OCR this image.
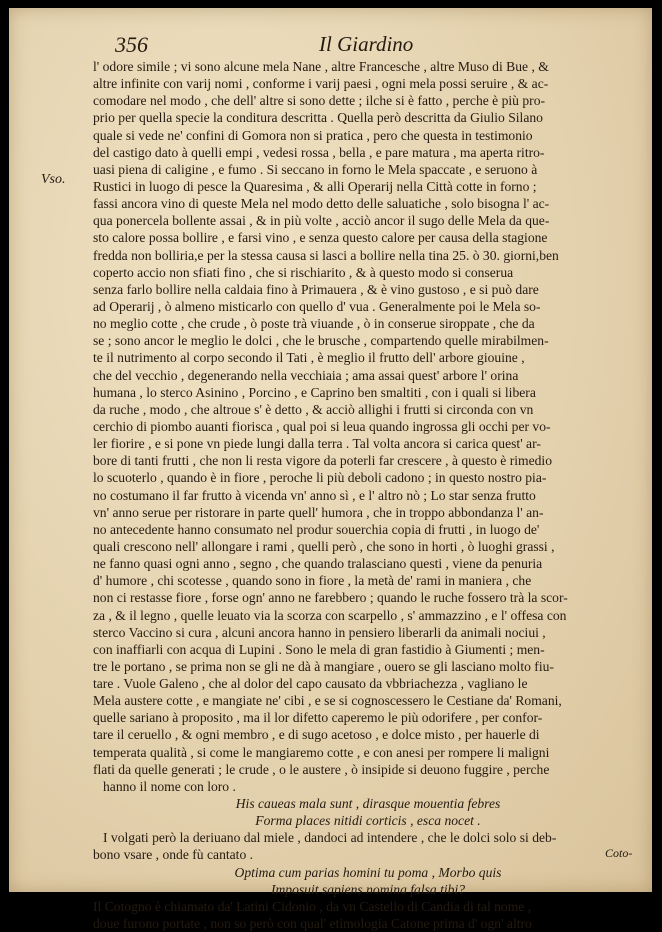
356	Il Giardino
Vso.
l' odore simile ; vi sono alcune mela Nane , altre Francesche , altre Muso di Bue , &
altre infinite con varij nomi , conforme i varij paesi , ogni mela possi seruire , & ac-
comodare nel modo , che dell' altre si sono dette ; ilche si è fatto , perche è più pro-
prio per quella specie la conditura descritta . Quella però descritta da Giulio Silano
quale si vede ne' confini di Gomora non si pratica , pero che questa in testimonio
del castigo dato à quelli empi , vedesi rossa , bella , e pare matura , ma aperta ritro-
uasi piena di caligine , e fumo . Si seccano in forno le Mela spaccate , e seruono à
Rustici in luogo di pesce la Quaresima , & alli Operarij nella Città cotte in forno ;
fassi ancora vino di queste Mela nel modo detto delle saluatiche , solo bisogna l' ac-
qua ponercela bollente assai , & in più volte , acciò ancor il sugo delle Mela da que-
sto calore possa bollire , e farsi vino , e senza questo calore per causa della stagione
fredda non bolliria,e per la stessa causa si lasci a bollire nella tina 25. ò 30. giorni,ben
coperto accio non sfiati fino , che si rischiarito , & à questo modo si conserua
senza farlo bollire nella caldaia fino à Primauera , & è vino gustoso , e si può dare
ad Operarij , ò almeno misticarlo con quello d' vua . Generalmente poi le Mela so-
no meglio cotte , che crude , ò poste trà viuande , ò in conserue siroppate , che da
se ; sono ancor le meglio le dolci , che le brusche , compartendo quelle mirabilmen-
te il nutrimento al corpo secondo il Tati , è meglio il frutto dell' arbore giouine ,
che del vecchio , degenerando nella vecchiaia ; ama assai quest' arbore l' orina
humana , lo sterco Asinino , Porcino , e Caprino ben smaltiti , con i quali si libera
da ruche , modo , che altroue s' è detto , & acciò allighi i frutti si circonda con vn
cerchio di piombo auanti fiorisca , qual poi si leua quando ingrossa gli occhi per vo-
ler fiorire , e si pone vn piede lungi dalla terra . Tal volta ancora si carica quest' ar-
bore di tanti frutti , che non li resta vigore da poterli far crescere , à questo è rimedio
lo scuoterlo , quando è in fiore , peroche li più deboli cadono ; in questo nostro pia-
no costumano il far frutto à vicenda vn' anno sì , e l' altro nò ; Lo star senza frutto
vn' anno serue per ristorare in parte quell' humora , che in troppo abbondanza l' an-
no antecedente hanno consumato nel produr souerchia copia di frutti , in luogo de'
quali crescono nell' allongare i rami , quelli però , che sono in horti , ò luoghi grassi ,
ne fanno quasi ogni anno , segno , che quando tralasciano questi , viene da penuria
d' humore , chi scotesse , quando sono in fiore , la metà de' rami in maniera , che
non ci restasse fiore , forse ogn' anno ne farebbero ; quando le ruche fossero trà la scor-
za , & il legno , quelle leuato via la scorza con scarpello , s' ammazzino , e l' offesa con
sterco Vaccino si cura , alcuni ancora hanno in pensiero liberarli da animali nociui ,
con inaffiarli con acqua di Lupini . Sono le mela di gran fastidio à Giumenti ; men-
tre le portano , se prima non se gli ne dà à mangiare , ouero se gli lasciano molto fiu-
tare . Vuole Galeno , che al dolor del capo causato da vbbriachezza , vagliano le
Mela austere cotte , e mangiate ne' cibi , e se si cognoscessero le Cestiane da' Romani,
quelle sariano à proposito , ma il lor difetto caperemo le più odorifere , per confor-
tare il ceruello , & ogni membro , e di sugo acetoso , e dolce misto , per hauerle di
temperata qualità , si come le mangiaremo cotte , e con anesi per rompere li maligni
flati da quelle generati ; le crude , o le austere , ò insipide si deuono fuggire , perche
hanno il nome con loro .
His caueas mala sunt , dirasque mouentia febres
Forma places nitidi corticis , esca nocet .
I volgati però la deriuano dal miele , dandoci ad intendere , che le dolci solo si deb-
bono vsare , onde fù cantato .
Optima cum parias homini tu poma , Morbo quis
Imposuit sapiens nomina falsa tibi?
Il Cotogno è chiamato da' Latini Cidonio , da vn Castello di Candia di tal nome ,
doue furono portate , non so però con qual' etimologia Catone prima d' ogn' altro
Coto-
